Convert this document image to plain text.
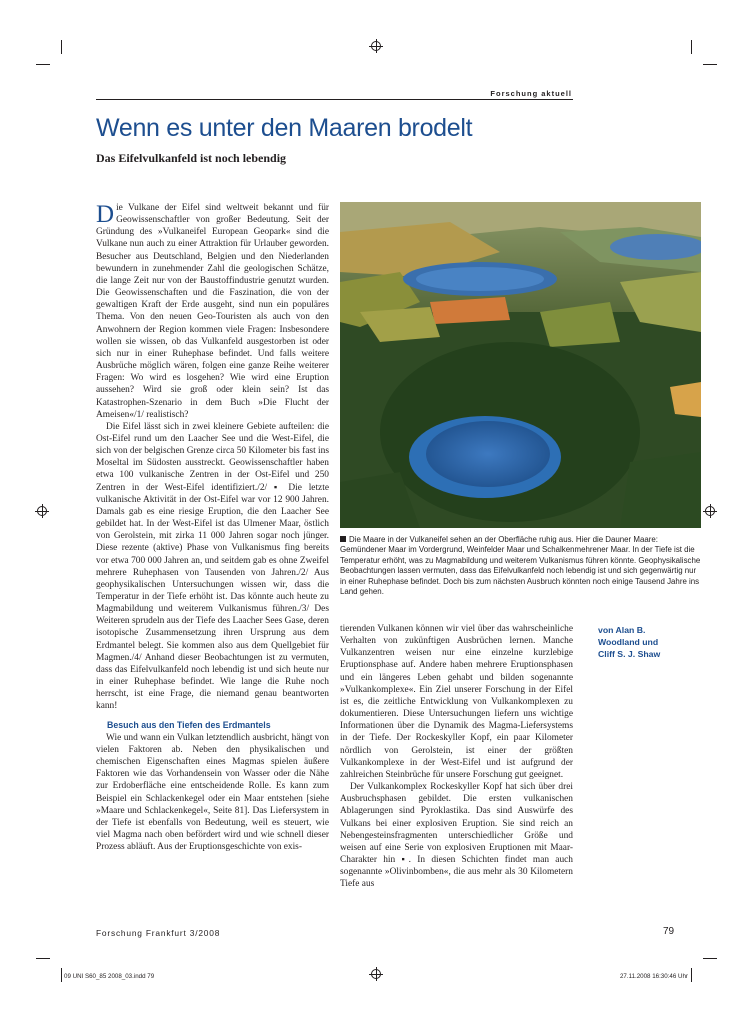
Forschung aktuell
Wenn es unter den Maaren brodelt
Das Eifelvulkanfeld ist noch lebendig

Die Vulkane der Eifel sind weltweit bekannt und für Geowissenschaftler von großer Bedeutung. Seit der Gründung des »Vulkaneifel European Geopark« sind die Vulkane nun auch zu einer Attraktion für Urlauber geworden. Besucher aus Deutschland, Belgien und den Niederlanden bewundern in zunehmender Zahl die geologischen Schätze, die lange Zeit nur von der Baustoffindustrie genutzt wurden. Die Geowissenschaften und die Faszination, die von der gewaltigen Kraft der Erde ausgeht, sind nun ein populäres Thema. Von den neuen Geo-Touristen als auch von den Anwohnern der Region kommen viele Fragen: Insbesondere wollen sie wissen, ob das Vulkanfeld ausgestorben ist oder sich nur in einer Ruhephase befindet. Und falls weitere Ausbrüche möglich wären, folgen eine ganze Reihe weiterer Fragen: Wo wird es losgehen? Wie wird eine Eruption aussehen? Wird sie groß oder klein sein? Ist das Katastrophen-Szenario in dem Buch »Die Flucht der Ameisen«/1/ realistisch?

Die Eifel lässt sich in zwei kleinere Gebiete aufteilen: die Ost-Eifel rund um den Laacher See und die West-Eifel, die sich von der belgischen Grenze circa 50 Kilometer bis fast ins Moseltal im Südosten ausstreckt. Geowissenschaftler haben etwa 100 vulkanische Zentren in der Ost-Eifel und 250 Zentren in der West-Eifel identifiziert./2/ ▪ Die letzte vulkanische Aktivität in der Ost-Eifel war vor 12 900 Jahren. Damals gab es eine riesige Eruption, die den Laacher See gebildet hat. In der West-Eifel ist das Ulmener Maar, östlich von Gerolstein, mit zirka 11 000 Jahren sogar noch jünger. Diese rezente (aktive) Phase von Vulkanismus fing bereits vor etwa 700 000 Jahren an, und seitdem gab es ohne Zweifel mehrere Ruhephasen von Tausenden von Jahren./2/ Aus geophysikalischen Untersuchungen wissen wir, dass die Temperatur in der Tiefe erhöht ist. Das könnte auch heute zu Magmabildung und weiterem Vulkanismus führen./3/ Des Weiteren sprudeln aus der Tiefe des Laacher Sees Gase, deren isotopische Zusammensetzung ihren Ursprung aus dem Erdmantel belegt. Sie kommen also aus dem Quellgebiet für Magmen./4/ Anhand dieser Beobachtungen ist zu vermuten, dass das Eifelvulkanfeld noch lebendig ist und sich heute nur in einer Ruhephase befindet. Wie lange die Ruhe noch herrscht, ist eine Frage, die niemand genau beantworten kann!

Besuch aus den Tiefen des Erdmantels

Wie und wann ein Vulkan letztendlich ausbricht, hängt von vielen Faktoren ab. Neben den physikalischen und chemischen Eigenschaften eines Magmas spielen äußere Faktoren wie das Vorhandensein von Wasser oder die Nähe zur Erdoberfläche eine entscheidende Rolle. Es kann zum Beispiel ein Schlackenkegel oder ein Maar entstehen [siehe »Maare und Schlackenkegel«, Seite 81]. Das Liefersystem in der Tiefe ist ebenfalls von Bedeutung, weil es steuert, wie viel Magma nach oben befördert wird und wie schnell dieser Prozess abläuft. Aus der Eruptionsgeschichte von exis-

Die Maare in der Vulkaneifel sehen an der Oberfläche ruhig aus. Hier die Dauner Maare: Gemündener Maar im Vordergrund, Weinfelder Maar und Schalkenmehrener Maar. In der Tiefe ist die Temperatur erhöht, was zu Magmabildung und weiterem Vulkanismus führen könnte. Geophysikalische Beobachtungen lassen vermuten, dass das Eifelvulkanfeld noch lebendig ist und sich gegenwärtig nur in einer Ruhephase befindet. Doch bis zum nächsten Ausbruch könnten noch einige Tausend Jahre ins Land gehen.

tierenden Vulkanen können wir viel über das wahrscheinliche Verhalten von zukünftigen Ausbrüchen lernen. Manche Vulkanzentren weisen nur eine einzelne kurzlebige Eruptionsphase auf. Andere haben mehrere Eruptionsphasen und ein längeres Leben gehabt und bilden sogenannte »Vulkankomplexe«. Ein Ziel unserer Forschung in der Eifel ist es, die zeitliche Entwicklung von Vulkankomplexen zu dokumentieren. Diese Untersuchungen liefern uns wichtige Informationen über die Dynamik des Magma-Liefersystems in der Tiefe. Der Rockeskyller Kopf, ein paar Kilometer nördlich von Gerolstein, ist einer der größten Vulkankomplexe in der West-Eifel und ist aufgrund der zahlreichen Steinbrüche für unsere Forschung gut geeignet.

Der Vulkankomplex Rockeskyller Kopf hat sich über drei Ausbruchsphasen gebildet. Die ersten vulkanischen Ablagerungen sind Pyroklastika. Das sind Auswürfe des Vulkans bei einer explosiven Eruption. Sie sind reich an Nebengesteinsfragmenten unterschiedlicher Größe und weisen auf eine Serie von explosiven Eruptionen mit Maar-Charakter hin ▪. In diesen Schichten findet man auch sogenannte »Olivinbomben«, die aus mehr als 30 Kilometern Tiefe aus

von Alan B.
Woodland und
Cliff S. J. Shaw
Forschung Frankfurt 3/2008	79
09 UNI S60_85 2008_03.indd 79	27.11.2008 16:30:46 Uhr
